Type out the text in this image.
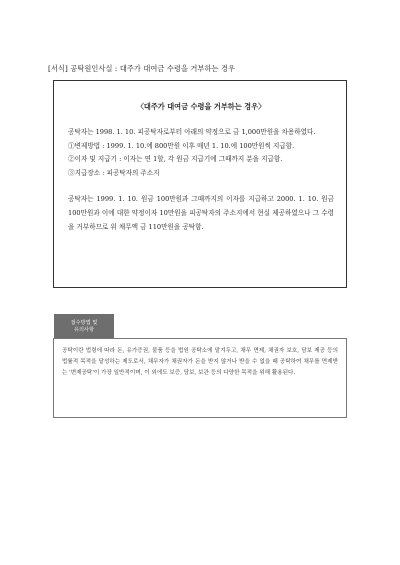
[서식] 공탁원인사실 : 대주가 대여금 수령을 거부하는 경우
〈대주가 대여금 수령을 거부하는 경우〉

공탁자는 1998. 1. 10. 피공탁자로부터 아래의 약정으로 금 1,000만원을 차용하였다.

①변제방법 : 1999. 1. 10.에 800만원 이후 매년 1. 10.에 100만원씩 지급함.

②이자 및 지급기 : 이자는 연 1할, 각 원금 지급기에 그때까지 분을 지급함.

③지급장소 : 피공탁자의 주소지

공탁자는 1999. 1. 10. 원금 100만원과 그때까지의 이자를 지급하고 2000. 1. 10. 원금 100만원과 이에 대한 약정이자 10만원을 피공탁자의 주소지에서 현실 제공하였으나 그 수령을 거부하므로 위 채무액 금 110만원을 공탁함.

접수방법 및
유의사항

공탁이란 법령에 따라 돈, 유가증권, 물품 등을 법원 공탁소에 맡겨두고, 채무 면제, 채권자 보호, 담보 제공 등의 법률적 목적을 달성하는 제도로서, 채무자가 채권자가 돈을 받지 않거나 받을 수 없을 때 공탁하여 채무를 면제받는 '변제공탁'이 가장 일반적이며, 이 외에도 보증, 담보, 보관 등의 다양한 목적을 위해 활용된다.
